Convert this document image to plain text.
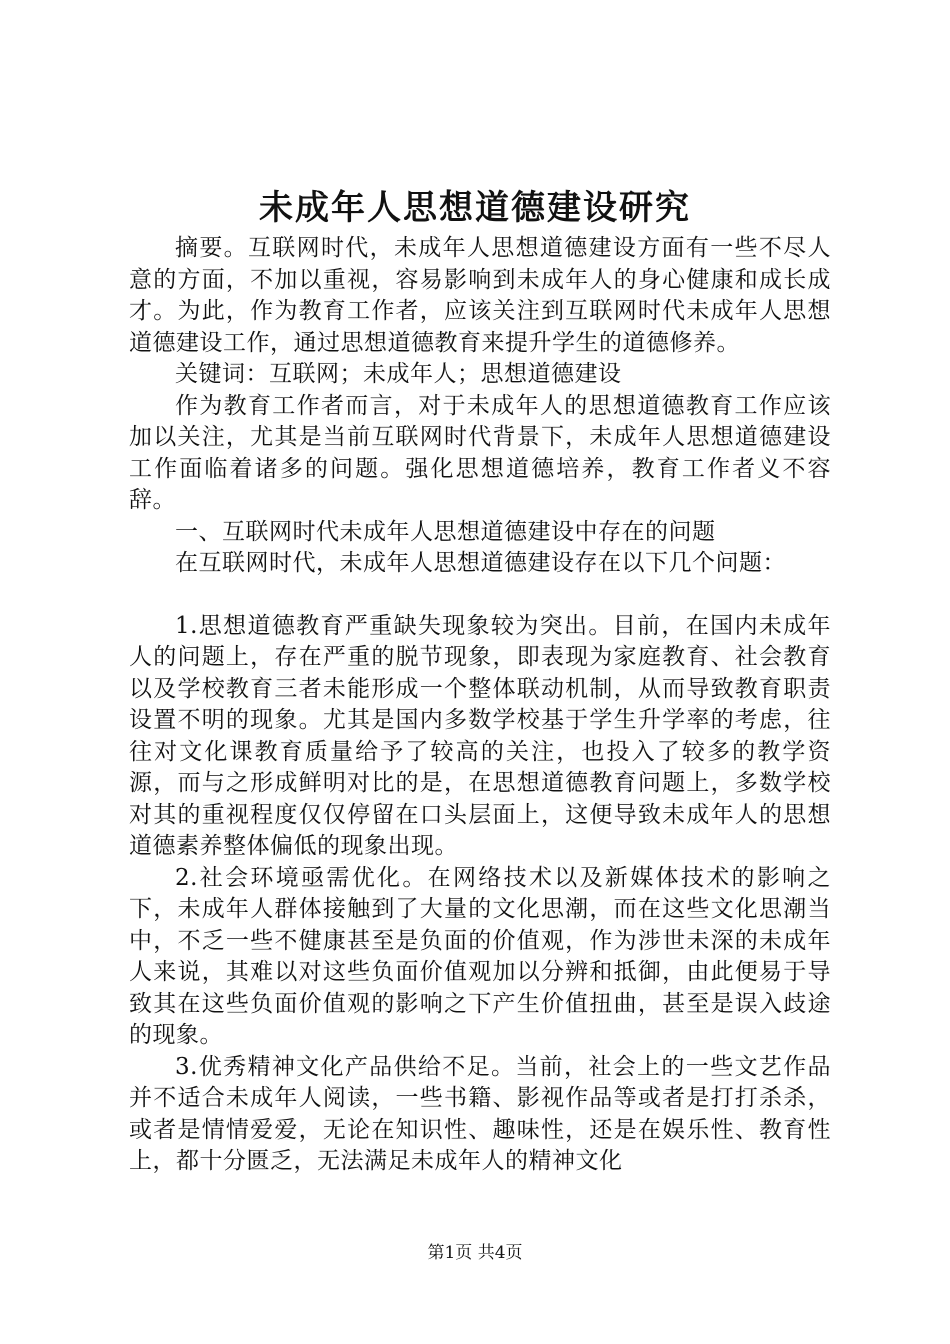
未成年人思想道德建设研究

摘要。互联网时代，未成年人思想道德建设方面有一些不尽人意的方面，不加以重视，容易影响到未成年人的身心健康和成长成才。为此，作为教育工作者，应该关注到互联网时代未成年人思想道德建设工作，通过思想道德教育来提升学生的道德修养。

关键词：互联网；未成年人；思想道德建设

作为教育工作者而言，对于未成年人的思想道德教育工作应该加以关注，尤其是当前互联网时代背景下，未成年人思想道德建设工作面临着诸多的问题。强化思想道德培养，教育工作者义不容辞。

一、互联网时代未成年人思想道德建设中存在的问题

在互联网时代，未成年人思想道德建设存在以下几个问题：

1.思想道德教育严重缺失现象较为突出。目前，在国内未成年人的问题上，存在严重的脱节现象，即表现为家庭教育、社会教育以及学校教育三者未能形成一个整体联动机制，从而导致教育职责设置不明的现象。尤其是国内多数学校基于学生升学率的考虑，往往对文化课教育质量给予了较高的关注，也投入了较多的教学资源，而与之形成鲜明对比的是，在思想道德教育问题上，多数学校对其的重视程度仅仅停留在口头层面上，这便导致未成年人的思想道德素养整体偏低的现象出现。

2.社会环境亟需优化。在网络技术以及新媒体技术的影响之下，未成年人群体接触到了大量的文化思潮，而在这些文化思潮当中，不乏一些不健康甚至是负面的价值观，作为涉世未深的未成年人来说，其难以对这些负面价值观加以分辨和抵御，由此便易于导致其在这些负面价值观的影响之下产生价值扭曲，甚至是误入歧途的现象。

3.优秀精神文化产品供给不足。当前，社会上的一些文艺作品并不适合未成年人阅读，一些书籍、影视作品等或者是打打杀杀，或者是情情爱爱，无论在知识性、趣味性，还是在娱乐性、教育性上，都十分匮乏，无法满足未成年人的精神文化

第1页 共4页
